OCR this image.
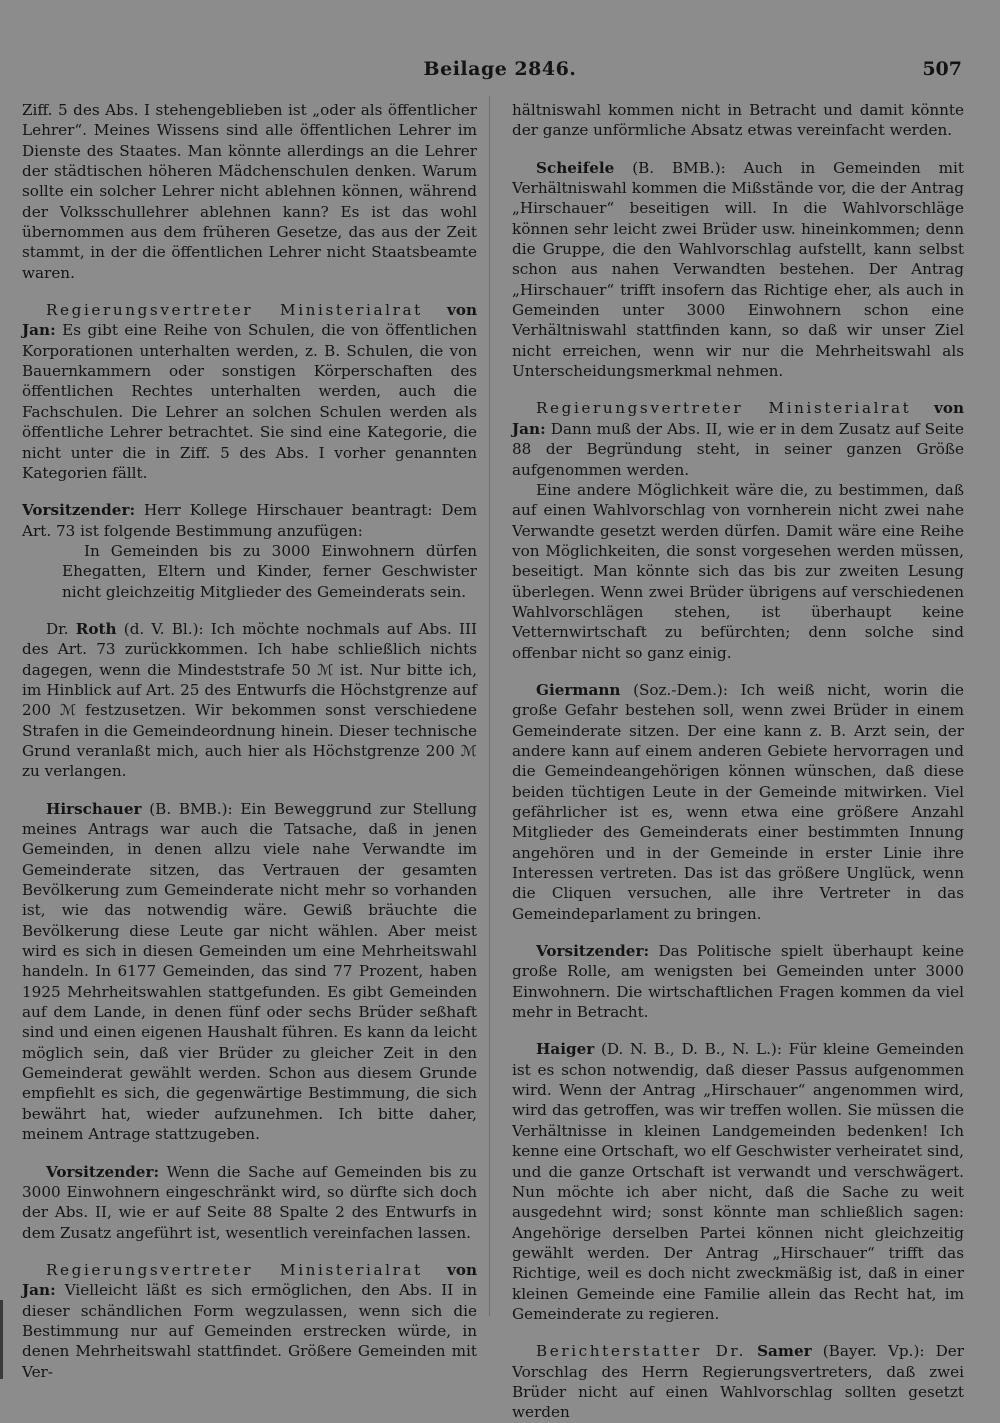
Beilage 2846.	507

Ziff. 5 des Abs. I stehengeblieben ist „oder als öffentlicher Lehrer“. Meines Wissens sind alle öffentlichen Lehrer im Dienste des Staates. Man könnte allerdings an die Lehrer der städtischen höheren Mädchenschulen denken. Warum sollte ein solcher Lehrer nicht ablehnen können, während der Volksschullehrer ablehnen kann? Es ist das wohl übernommen aus dem früheren Gesetze, das aus der Zeit stammt, in der die öffentlichen Lehrer nicht Staatsbeamte waren.

Regierungsvertreter Ministerialrat von Jan: Es gibt eine Reihe von Schulen, die von öffentlichen Korporationen unterhalten werden, z. B. Schulen, die von Bauernkammern oder sonstigen Körperschaften des öffentlichen Rechtes unterhalten werden, auch die Fachschulen. Die Lehrer an solchen Schulen werden als öffentliche Lehrer betrachtet. Sie sind eine Kategorie, die nicht unter die in Ziff. 5 des Abs. I vorher genannten Kategorien fällt.

Vorsitzender: Herr Kollege Hirschauer beantragt: Dem Art. 73 ist folgende Bestimmung anzufügen:

In Gemeinden bis zu 3000 Einwohnern dürfen Ehegatten, Eltern und Kinder, ferner Geschwister nicht gleichzeitig Mitglieder des Gemeinderats sein.

Dr. Roth (d. V. Bl.): Ich möchte nochmals auf Abs. III des Art. 73 zurückkommen. Ich habe schließlich nichts dagegen, wenn die Mindeststrafe 50 ℳ ist. Nur bitte ich, im Hinblick auf Art. 25 des Entwurfs die Höchstgrenze auf 200 ℳ festzusetzen. Wir bekommen sonst verschiedene Strafen in die Gemeindeordnung hinein. Dieser technische Grund veranlaßt mich, auch hier als Höchstgrenze 200 ℳ zu verlangen.

Hirschauer (B. BMB.): Ein Beweggrund zur Stellung meines Antrags war auch die Tatsache, daß in jenen Gemeinden, in denen allzu viele nahe Verwandte im Gemeinderate sitzen, das Vertrauen der gesamten Bevölkerung zum Gemeinderate nicht mehr so vorhanden ist, wie das notwendig wäre. Gewiß bräuchte die Bevölkerung diese Leute gar nicht wählen. Aber meist wird es sich in diesen Gemeinden um eine Mehrheitswahl handeln. In 6177 Gemeinden, das sind 77 Prozent, haben 1925 Mehrheitswahlen stattgefunden. Es gibt Gemeinden auf dem Lande, in denen fünf oder sechs Brüder seßhaft sind und einen eigenen Haushalt führen. Es kann da leicht möglich sein, daß vier Brüder zu gleicher Zeit in den Gemeinderat gewählt werden. Schon aus diesem Grunde empfiehlt es sich, die gegenwärtige Bestimmung, die sich bewährt hat, wieder aufzunehmen. Ich bitte daher, meinem Antrage stattzugeben.

Vorsitzender: Wenn die Sache auf Gemeinden bis zu 3000 Einwohnern eingeschränkt wird, so dürfte sich doch der Abs. II, wie er auf Seite 88 Spalte 2 des Entwurfs in dem Zusatz angeführt ist, wesentlich vereinfachen lassen.

Regierungsvertreter Ministerialrat von Jan: Vielleicht läßt es sich ermöglichen, den Abs. II in dieser schändlichen Form wegzulassen, wenn sich die Bestimmung nur auf Gemeinden erstrecken würde, in denen Mehrheitswahl stattfindet. Größere Gemeinden mit Ver-

hältniswahl kommen nicht in Betracht und damit könnte der ganze unförmliche Absatz etwas vereinfacht werden.

Scheifele (B. BMB.): Auch in Gemeinden mit Verhältniswahl kommen die Mißstände vor, die der Antrag „Hirschauer“ beseitigen will. In die Wahlvorschläge können sehr leicht zwei Brüder usw. hineinkommen; denn die Gruppe, die den Wahlvorschlag aufstellt, kann selbst schon aus nahen Verwandten bestehen. Der Antrag „Hirschauer“ trifft insofern das Richtige eher, als auch in Gemeinden unter 3000 Einwohnern schon eine Verhältniswahl stattfinden kann, so daß wir unser Ziel nicht erreichen, wenn wir nur die Mehrheitswahl als Unterscheidungsmerkmal nehmen.

Regierungsvertreter Ministerialrat von Jan: Dann muß der Abs. II, wie er in dem Zusatz auf Seite 88 der Begründung steht, in seiner ganzen Größe aufgenommen werden.

Eine andere Möglichkeit wäre die, zu bestimmen, daß auf einen Wahlvorschlag von vornherein nicht zwei nahe Verwandte gesetzt werden dürfen. Damit wäre eine Reihe von Möglichkeiten, die sonst vorgesehen werden müssen, beseitigt. Man könnte sich das bis zur zweiten Lesung überlegen. Wenn zwei Brüder übrigens auf verschiedenen Wahlvorschlägen stehen, ist überhaupt keine Vetternwirtschaft zu befürchten; denn solche sind offenbar nicht so ganz einig.

Giermann (Soz.-Dem.): Ich weiß nicht, worin die große Gefahr bestehen soll, wenn zwei Brüder in einem Gemeinderate sitzen. Der eine kann z. B. Arzt sein, der andere kann auf einem anderen Gebiete hervorragen und die Gemeindeangehörigen können wünschen, daß diese beiden tüchtigen Leute in der Gemeinde mitwirken. Viel gefährlicher ist es, wenn etwa eine größere Anzahl Mitglieder des Gemeinderats einer bestimmten Innung angehören und in der Gemeinde in erster Linie ihre Interessen vertreten. Das ist das größere Unglück, wenn die Cliquen versuchen, alle ihre Vertreter in das Gemeindeparlament zu bringen.

Vorsitzender: Das Politische spielt überhaupt keine große Rolle, am wenigsten bei Gemeinden unter 3000 Einwohnern. Die wirtschaftlichen Fragen kommen da viel mehr in Betracht.

Haiger (D. N. B., D. B., N. L.): Für kleine Gemeinden ist es schon notwendig, daß dieser Passus aufgenommen wird. Wenn der Antrag „Hirschauer“ angenommen wird, wird das getroffen, was wir treffen wollen. Sie müssen die Verhältnisse in kleinen Landgemeinden bedenken! Ich kenne eine Ortschaft, wo elf Geschwister verheiratet sind, und die ganze Ortschaft ist verwandt und verschwägert. Nun möchte ich aber nicht, daß die Sache zu weit ausgedehnt wird; sonst könnte man schließlich sagen: Angehörige derselben Partei können nicht gleichzeitig gewählt werden. Der Antrag „Hirschauer“ trifft das Richtige, weil es doch nicht zweckmäßig ist, daß in einer kleinen Gemeinde eine Familie allein das Recht hat, im Gemeinderate zu regieren.

Berichterstatter Dr. Samer (Bayer. Vp.): Der Vorschlag des Herrn Regierungsvertreters, daß zwei Brüder nicht auf einen Wahlvorschlag sollten gesetzt werden
